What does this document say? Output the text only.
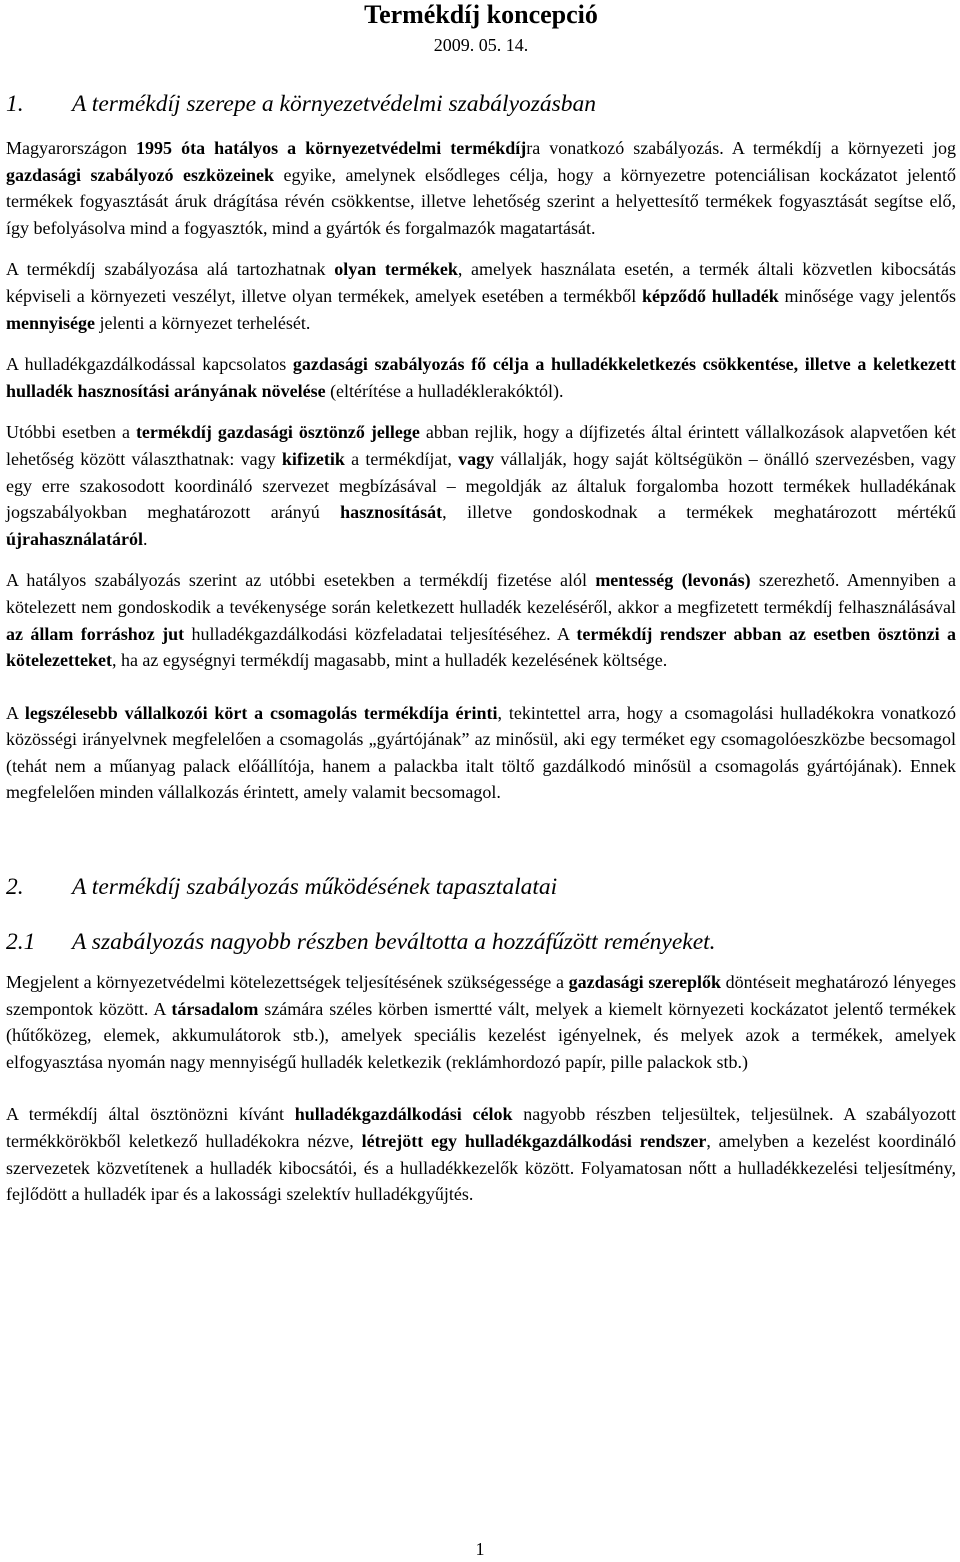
Termékdíj koncepció
2009. 05. 14.
1.	A termékdíj szerepe a környezetvédelmi szabályozásban

Magyarországon 1995 óta hatályos a környezetvédelmi termékdíjra vonatkozó szabályozás. A termékdíj a környezeti jog gazdasági szabályozó eszközeinek egyike, amelynek elsődleges célja, hogy a környezetre potenciálisan kockázatot jelentő termékek fogyasztását áruk drágítása révén csökkentse, illetve lehetőség szerint a helyettesítő termékek fogyasztását segítse elő, így befolyásolva mind a fogyasztók, mind a gyártók és forgalmazók magatartását.

A termékdíj szabályozása alá tartozhatnak olyan termékek, amelyek használata esetén, a termék általi közvetlen kibocsátás képviseli a környezeti veszélyt, illetve olyan termékek, amelyek esetében a termékből képződő hulladék minősége vagy jelentős mennyisége jelenti a környezet terhelését.

A hulladékgazdálkodással kapcsolatos gazdasági szabályozás fő célja a hulladékkeletkezés csökkentése, illetve a keletkezett hulladék hasznosítási arányának növelése (eltérítése a hulladéklerakóktól).

Utóbbi esetben a termékdíj gazdasági ösztönző jellege abban rejlik, hogy a díjfizetés által érintett vállalkozások alapvetően két lehetőség között választhatnak: vagy kifizetik a termékdíjat, vagy vállalják, hogy saját költségükön – önálló szervezésben, vagy egy erre szakosodott koordináló szervezet megbízásával – megoldják az általuk forgalomba hozott termékek hulladékának jogszabályokban meghatározott arányú hasznosítását, illetve gondoskodnak a termékek meghatározott mértékű újrahasználatáról.

A hatályos szabályozás szerint az utóbbi esetekben a termékdíj fizetése alól mentesség (levonás) szerezhető. Amennyiben a kötelezett nem gondoskodik a tevékenysége során keletkezett hulladék kezeléséről, akkor a megfizetett termékdíj felhasználásával az állam forráshoz jut hulladékgazdálkodási közfeladatai teljesítéséhez. A termékdíj rendszer abban az esetben ösztönzi a kötelezetteket, ha az egységnyi termékdíj magasabb, mint a hulladék kezelésének költsége.

A legszélesebb vállalkozói kört a csomagolás termékdíja érinti, tekintettel arra, hogy a csomagolási hulladékokra vonatkozó közösségi irányelvnek megfelelően a csomagolás „gyártójának” az minősül, aki egy terméket egy csomagolóeszközbe becsomagol (tehát nem a műanyag palack előállítója, hanem a palackba italt töltő gazdálkodó minősül a csomagolás gyártójának). Ennek megfelelően minden vállalkozás érintett, amely valamit becsomagol.

2.	A termékdíj szabályozás működésének tapasztalatai
2.1	A szabályozás nagyobb részben beváltotta a hozzáfűzött reményeket.

Megjelent a környezetvédelmi kötelezettségek teljesítésének szükségessége a gazdasági szereplők döntéseit meghatározó lényeges szempontok között. A társadalom számára széles körben ismertté vált, melyek a kiemelt környezeti kockázatot jelentő termékek (hűtőközeg, elemek, akkumulátorok stb.), amelyek speciális kezelést igényelnek, és melyek azok a termékek, amelyek elfogyasztása nyomán nagy mennyiségű hulladék keletkezik (reklámhordozó papír, pille palackok stb.)

A termékdíj által ösztönözni kívánt hulladékgazdálkodási célok nagyobb részben teljesültek, teljesülnek. A szabályozott termékkörökből keletkező hulladékokra nézve, létrejött egy hulladékgazdálkodási rendszer, amelyben a kezelést koordináló szervezetek közvetítenek a hulladék kibocsátói, és a hulladékkezelők között. Folyamatosan nőtt a hulladékkezelési teljesítmény, fejlődött a hulladék ipar és a lakossági szelektív hulladékgyűjtés.

1
